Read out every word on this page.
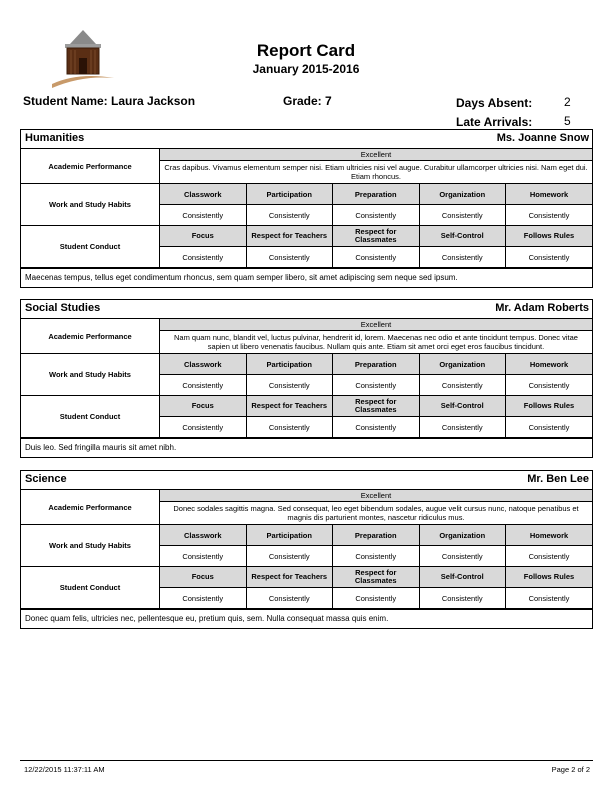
Report Card
January 2015-2016
Student Name: Laura Jackson	Grade: 7	Days Absent:	2
Late Arrivals:	5
Humanities	Ms. Joanne Snow
Academic Performance	Excellent				
	Cras dapibus. Vivamus elementum semper nisi. Etiam ultricies nisi vel augue. Curabitur ullamcorper ultricies nisi. Nam eget dui. Etiam rhoncus.				
Work and Study Habits	Classwork	Participation	Preparation	Organization	Homework
	Consistently	Consistently	Consistently	Consistently	Consistently
Student Conduct	Focus	Respect for Teachers	Respect for Classmates	Self-Control	Follows Rules
	Consistently	Consistently	Consistently	Consistently	Consistently
Maecenas tempus, tellus eget condimentum rhoncus, sem quam semper libero, sit amet adipiscing sem neque sed ipsum.
Social Studies	Mr. Adam Roberts
Academic Performance	Excellent				
	Nam quam nunc, blandit vel, luctus pulvinar, hendrerit id, lorem. Maecenas nec odio et ante tincidunt tempus. Donec vitae sapien ut libero venenatis faucibus. Nullam quis ante. Etiam sit amet orci eget eros faucibus tincidunt.				
Work and Study Habits	Classwork	Participation	Preparation	Organization	Homework
	Consistently	Consistently	Consistently	Consistently	Consistently
Student Conduct	Focus	Respect for Teachers	Respect for Classmates	Self-Control	Follows Rules
	Consistently	Consistently	Consistently	Consistently	Consistently
Duis leo. Sed fringilla mauris sit amet nibh.
Science	Mr. Ben Lee
Academic Performance	Excellent				
	Donec sodales sagittis magna. Sed consequat, leo eget bibendum sodales, augue velit cursus nunc, natoque penatibus et magnis dis parturient montes, nascetur ridiculus mus.				
Work and Study Habits	Classwork	Participation	Preparation	Organization	Homework
	Consistently	Consistently	Consistently	Consistently	Consistently
Student Conduct	Focus	Respect for Teachers	Respect for Classmates	Self-Control	Follows Rules
	Consistently	Consistently	Consistently	Consistently	Consistently
Donec quam felis, ultricies nec, pellentesque eu, pretium quis, sem. Nulla consequat massa quis enim.
12/22/2015 11:37:11 AM	Page 2 of 2
